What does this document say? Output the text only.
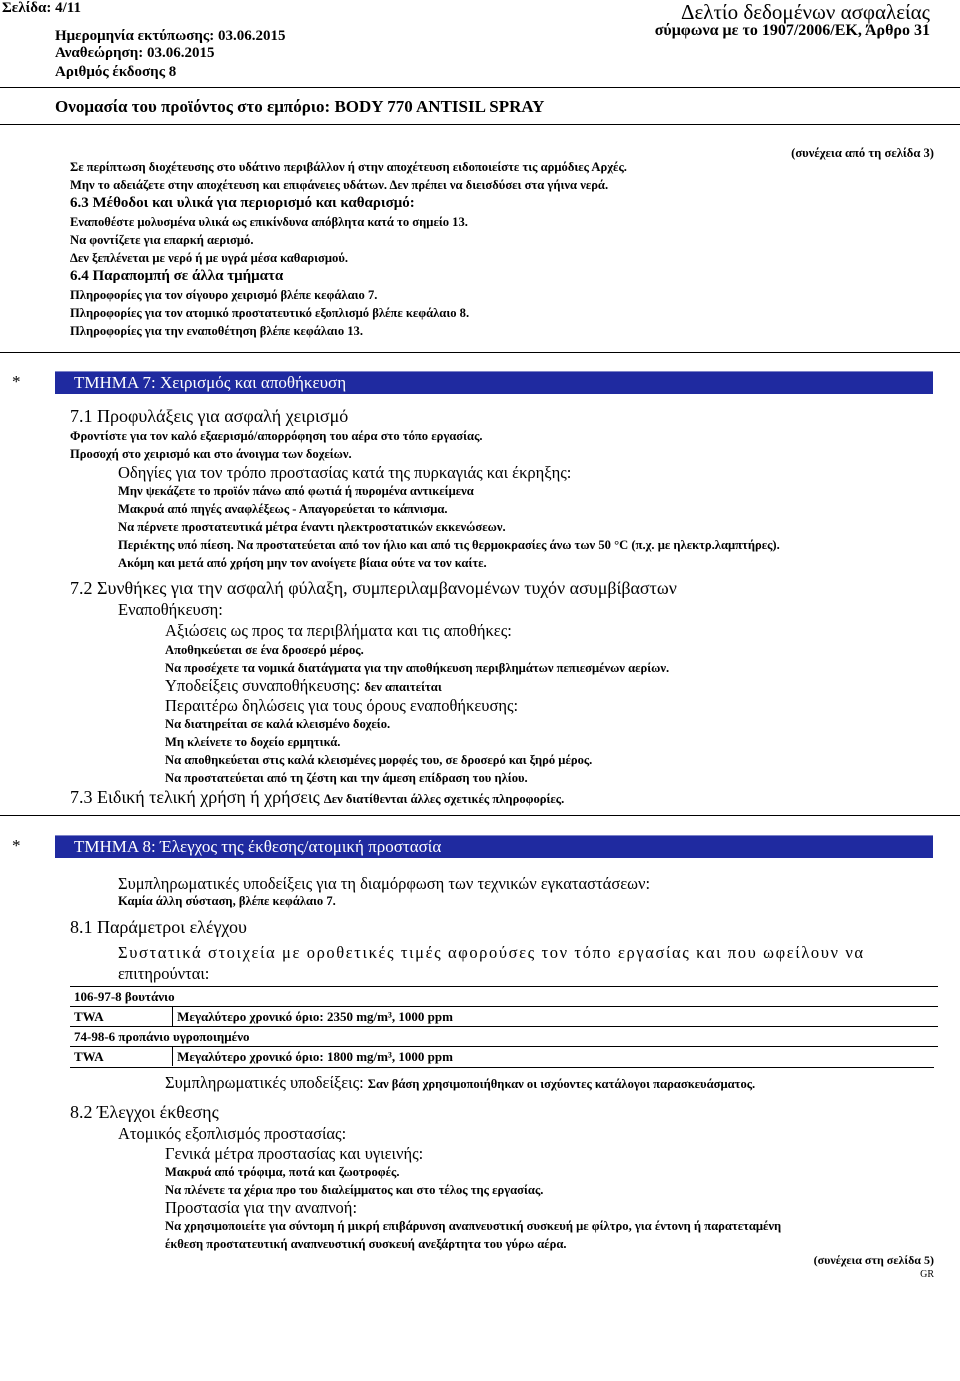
Σελίδα: 4/11
Ημερομηνία εκτύπωσης: 03.06.2015
Αναθεώρηση: 03.06.2015
Αριθμός έκδοσης 8
Δελτίο δεδομένων ασφαλείας
σύμφωνα με το 1907/2006/ΕΚ, Άρθρο 31
Ονομασία του προϊόντος στο εμπόριο: BODY 770 ANTISIL SPRAY
(συνέχεια από τη σελίδα 3)
Σε περίπτωση διοχέτευσης στο υδάτινο περιβάλλον ή στην αποχέτευση ειδοποιείστε τις αρμόδιες Αρχές.
Μην το αδειάζετε στην αποχέτευση και επιφάνειες υδάτων. Δεν πρέπει να διεισδύσει στα γήινα νερά.
6.3 Μέθοδοι και υλικά για περιορισμό και καθαρισμό:
Εναποθέστε μολυσμένα υλικά ως επικίνδυνα απόβλητα κατά το σημείο 13.
Να φοντίζετε για επαρκή αερισμό.
Δεν ξεπλένεται με νερό ή με υγρά μέσα καθαρισμού.
6.4 Παραπομπή σε άλλα τμήματα
Πληροφορίες για τον σίγουρο χειρισμό βλέπε κεφάλαιο 7.
Πληροφορίες για τον ατομικό προστατευτικό εξοπλισμό βλέπε κεφάλαιο 8.
Πληροφορίες για την εναποθέτηση βλέπε κεφάλαιο 13.
*	ΤΜΗΜΑ 7: Χειρισμός και αποθήκευση
7.1 Προφυλάξεις για ασφαλή χειρισμό
Φροντίστε για τον καλό εξαερισμό/απορρόφηση του αέρα στο τόπο εργασίας.
Προσοχή στο χειρισμό και στο άνοιγμα των δοχείων.
Οδηγίες για τον τρόπο προστασίας κατά της πυρκαγιάς και έκρηξης:
Μην ψεκάζετε το προϊόν πάνω από φωτιά ή πυρομένα αντικείμενα
Μακρυά από πηγές αναφλέξεως - Απαγορεύεται το κάπνισμα.
Να πέρνετε προστατευτικά μέτρα έναντι ηλεκτροστατικών εκκενώσεων.
Περιέκτης υπό πίεση. Να προστατεύεται από τον ήλιο και από τις θερμοκρασίες άνω των 50 °C (π.χ. με ηλεκτρ.λαμπτήρες).
Ακόμη και μετά από χρήση μην τον ανοίγετε βίαια ούτε να τον καίτε.
7.2 Συνθήκες για την ασφαλή φύλαξη, συμπεριλαμβανομένων τυχόν ασυμβίβαστων
Εναποθήκευση:
Αξιώσεις ως προς τα περιβλήματα και τις αποθήκες:
Αποθηκεύεται σε ένα δροσερό μέρος.
Να προσέχετε τα νομικά διατάγματα για την αποθήκευση περιβλημάτων πεπιεσμένων αερίων.
Υποδείξεις συναποθήκευσης: δεν απαιτείται
Περαιτέρω δηλώσεις για τους όρους εναποθήκευσης:
Να διατηρείται σε καλά κλεισμένο δοχείο.
Μη κλείνετε το δοχείο ερμητικά.
Να αποθηκεύεται στις καλά κλεισμένες μορφές του, σε δροσερό και ξηρό μέρος.
Να προστατεύεται από τη ζέστη και την άμεση επίδραση του ηλίου.
7.3 Ειδική τελική χρήση ή χρήσεις Δεν διατίθενται άλλες σχετικές πληροφορίες.
*	ΤΜΗΜΑ 8: Έλεγχος της έκθεσης/ατομική προστασία
Συμπληρωματικές υποδείξεις για τη διαμόρφωση των τεχνικών εγκαταστάσεων:
Καμία άλλη σύσταση, βλέπε κεφάλαιο 7.
8.1 Παράμετροι ελέγχου
Συστατικά στοιχεία με οροθετικές τιμές αφορούσες τον τόπο εργασίας και που ωφείλουν να
επιτηρούνται:
106-97-8 βουτάνιο	
TWA	Μεγαλύτερο χρονικό όριο: 2350 mg/m³, 1000 ppm
74-98-6 προπάνιο υγροποιημένο	
TWA	Μεγαλύτερο χρονικό όριο: 1800 mg/m³, 1000 ppm
Συμπληρωματικές υποδείξεις: Σαν βάση χρησιμοποιήθηκαν οι ισχύοντες κατάλογοι παρασκευάσματος.
8.2 Έλεγχοι έκθεσης
Ατομικός εξοπλισμός προστασίας:
Γενικά μέτρα προστασίας και υγιεινής:
Μακρυά από τρόφιμα, ποτά και ζωοτροφές.
Να πλένετε τα χέρια προ του διαλείμματος και στο τέλος της εργασίας.
Προστασία για την αναπνοή:
Να χρησιμοποιείτε για σύντομη ή μικρή επιβάρυνση αναπνευστική συσκευή με φίλτρο, για έντονη ή παρατεταμένη
έκθεση προστατευτική αναπνευστική συσκευή ανεξάρτητα του γύρω αέρα.
(συνέχεια στη σελίδα 5)
GR
